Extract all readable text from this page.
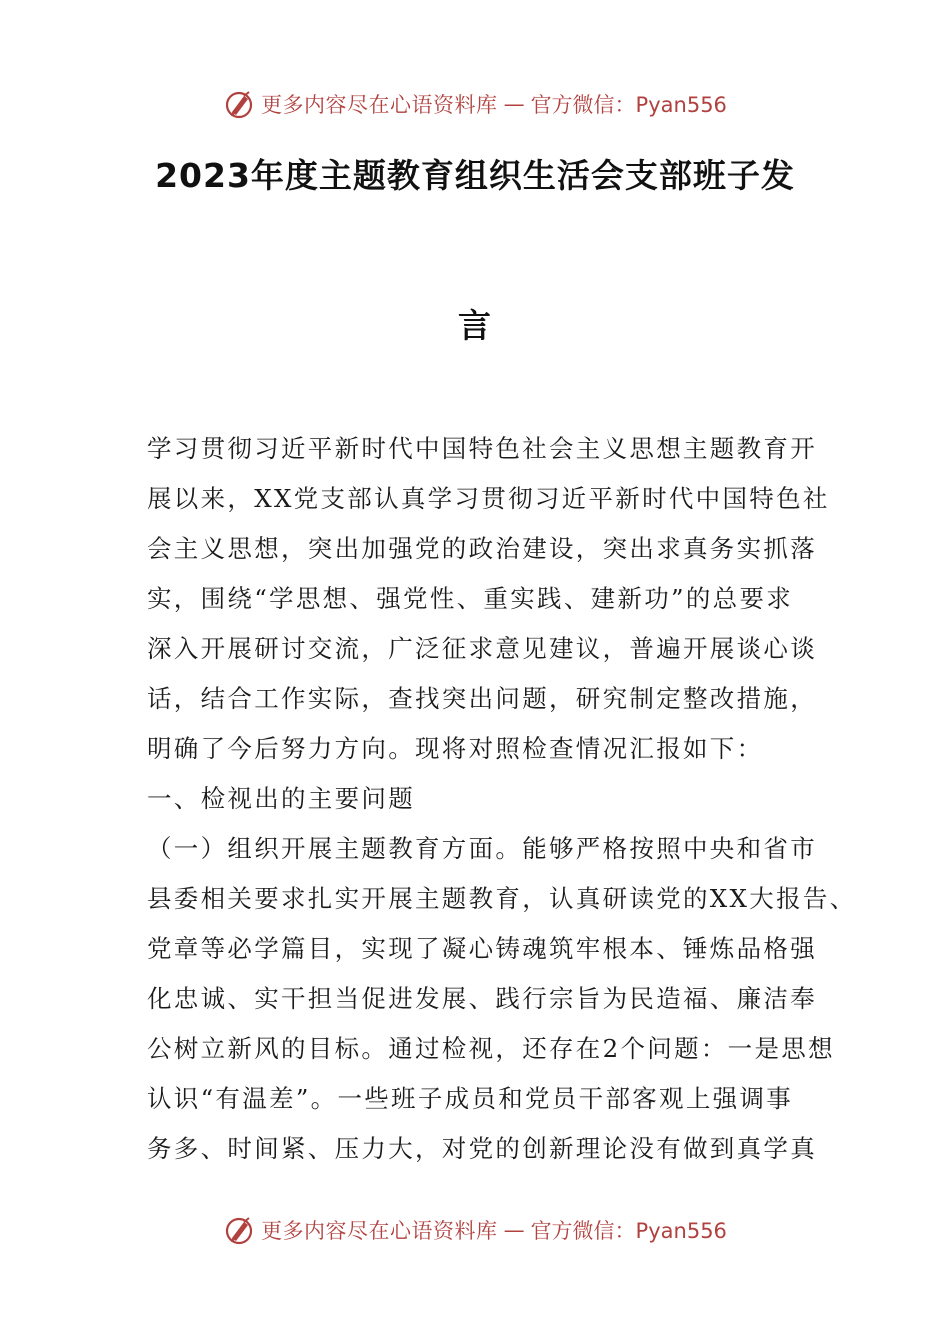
更多内容尽在心语资料库 — 官方微信：Pyan556
2023年度主题教育组织生活会支部班子发
言
学习贯彻习近平新时代中国特色社会主义思想主题教育开
展以来，XX党支部认真学习贯彻习近平新时代中国特色社
会主义思想，突出加强党的政治建设，突出求真务实抓落
实，围绕“学思想、强党性、重实践、建新功”的总要求
深入开展研讨交流，广泛征求意见建议，普遍开展谈心谈
话，结合工作实际，查找突出问题，研究制定整改措施，
明确了今后努力方向。现将对照检查情况汇报如下：
一、检视出的主要问题
（一）组织开展主题教育方面。能够严格按照中央和省市
县委相关要求扎实开展主题教育，认真研读党的XX大报告、
党章等必学篇目，实现了凝心铸魂筑牢根本、锤炼品格强
化忠诚、实干担当促进发展、践行宗旨为民造福、廉洁奉
公树立新风的目标。通过检视，还存在2个问题：一是思想
认识“有温差”。一些班子成员和党员干部客观上强调事
务多、时间紧、压力大，对党的创新理论没有做到真学真
更多内容尽在心语资料库 — 官方微信：Pyan556
